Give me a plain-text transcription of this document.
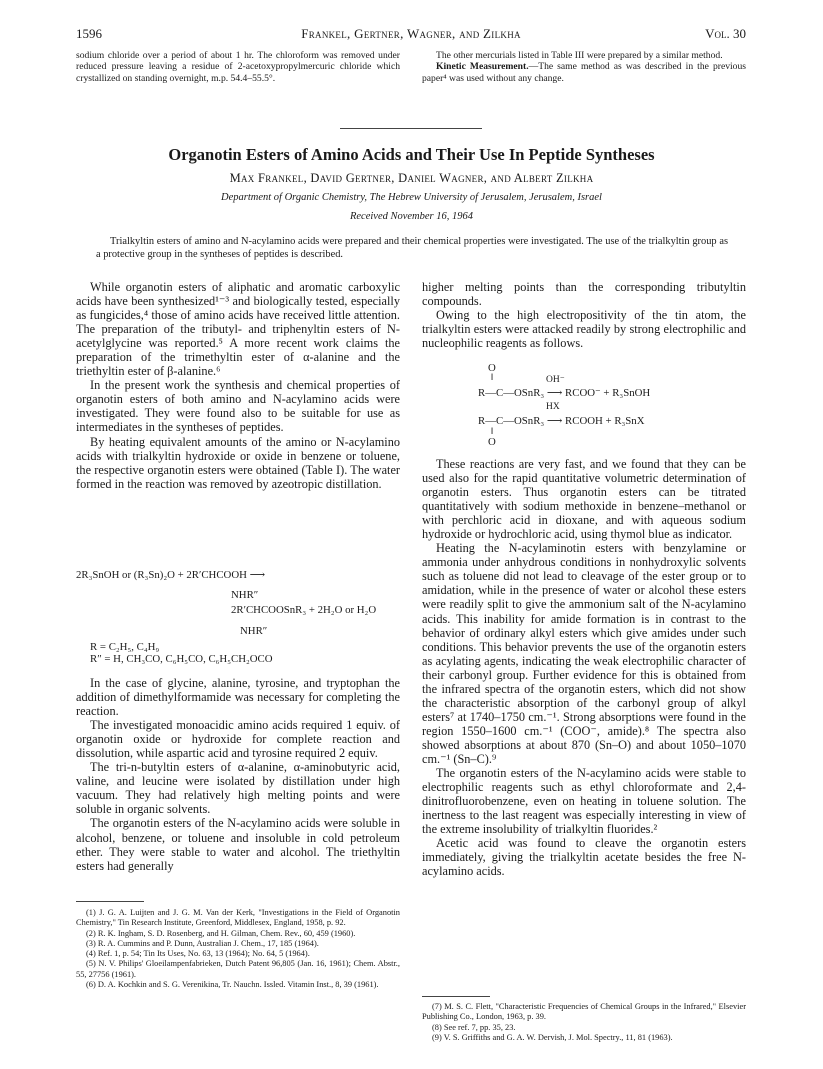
1596	Frankel, Gertner, Wagner, and Zilkha	Vol. 30

sodium chloride over a period of about 1 hr. The chloroform was removed under reduced pressure leaving a residue of 2-acetoxypropylmercuric chloride which crystallized on standing overnight, m.p. 54.4–55.5°.

The other mercurials listed in Table III were prepared by a similar method.

Kinetic Measurement.—The same method as was described in the previous paper⁴ was used without any change.

Organotin Esters of Amino Acids and Their Use In Peptide Syntheses
Max Frankel, David Gertner, Daniel Wagner, and Albert Zilkha
Department of Organic Chemistry, The Hebrew University of Jerusalem, Jerusalem, Israel
Received November 16, 1964
Trialkyltin esters of amino and N-acylamino acids were prepared and their chemical properties were investigated. The use of the trialkyltin group as a protective group in the syntheses of peptides is described.

While organotin esters of aliphatic and aromatic carboxylic acids have been synthesized¹⁻³ and biologically tested, especially as fungicides,⁴ those of amino acids have received little attention. The preparation of the tributyl- and triphenyltin esters of N-acetylglycine was reported.⁵ A more recent work claims the preparation of the trimethyltin ester of α-alanine and the triethyltin ester of β-alanine.⁶

In the present work the synthesis and chemical properties of organotin esters of both amino and N-acylamino acids were investigated. They were found also to be suitable for use as intermediates in the syntheses of peptides.

By heating equivalent amounts of the amino or N-acylamino acids with trialkyltin hydroxide or oxide in benzene or toluene, the respective organotin esters were obtained (Table I). The water formed in the reaction was removed by azeotropic distillation.

2R₃SnOH or (R₃Sn)₂O + 2R′CHCOOH ⟶
NHR″
2R′CHCOOSnR₃ + 2H₂O or H₂O
NHR″
R = C₂H₅, C₄H₉
R″ = H, CH₃CO, C₆H₅CO, C₆H₅CH₂OCO

In the case of glycine, alanine, tyrosine, and tryptophan the addition of dimethylformamide was necessary for completing the reaction.

The investigated monoacidic amino acids required 1 equiv. of organotin oxide or hydroxide for complete reaction and dissolution, while aspartic acid and tyrosine required 2 equiv.

The tri-n-butyltin esters of α-alanine, α-aminobutyric acid, valine, and leucine were isolated by distillation under high vacuum. They had relatively high melting points and were soluble in organic solvents.

The organotin esters of the N-acylamino acids were soluble in alcohol, benzene, or toluene and insoluble in cold petroleum ether. They were stable to water and alcohol. The triethyltin esters had generally

(1) J. G. A. Luijten and J. G. M. Van der Kerk, "Investigations in the Field of Organotin Chemistry," Tin Research Institute, Greenford, Middlesex, England, 1958, p. 92.

(2) R. K. Ingham, S. D. Rosenberg, and H. Gilman, Chem. Rev., 60, 459 (1960).

(3) R. A. Cummins and P. Dunn, Australian J. Chem., 17, 185 (1964).

(4) Ref. 1, p. 54; Tin Its Uses, No. 63, 13 (1964); No. 64, 5 (1964).

(5) N. V. Philips' Gloeilampenfabrieken, Dutch Patent 96,805 (Jan. 16, 1961); Chem. Abstr., 55, 27756 (1961).

(6) D. A. Kochkin and S. G. Verenikina, Tr. Nauchn. Issled. Vitamin Inst., 8, 39 (1961).

higher melting points than the corresponding tributyltin compounds.

Owing to the high electropositivity of the tin atom, the trialkyltin esters were attacked readily by strong electrophilic and nucleophilic reagents as follows.

O
‖	OH⁻
R—C—OSnR₃ ⟶ RCOO⁻ + R₃SnOH
HX
R—C—OSnR₃ ⟶ RCOOH + R₃SnX
‖
O

These reactions are very fast, and we found that they can be used also for the rapid quantitative volumetric determination of organotin esters. Thus organotin esters can be titrated quantitatively with sodium methoxide in benzene–methanol or with perchloric acid in dioxane, and with aqueous sodium hydroxide or hydrochloric acid, using thymol blue as indicator.

Heating the N-acylaminotin esters with benzylamine or ammonia under anhydrous conditions in nonhydroxylic solvents such as toluene did not lead to cleavage of the ester group or to amidation, while in the presence of water or alcohol these esters were readily split to give the ammonium salt of the N-acylamino acids. This inability for amide formation is in contrast to the behavior of ordinary alkyl esters which give amides under such conditions. This behavior prevents the use of the organotin esters as acylating agents, indicating the weak electrophilic character of their carbonyl group. Further evidence for this is obtained from the infrared spectra of the organotin esters, which did not show the characteristic absorption of the carbonyl group of alkyl esters⁷ at 1740–1750 cm.⁻¹. Strong absorptions were found in the region 1550–1600 cm.⁻¹ (COO⁻, amide).⁸ The spectra also showed absorptions at about 870 (Sn–O) and about 1050–1070 cm.⁻¹ (Sn–C).⁹

The organotin esters of the N-acylamino acids were stable to electrophilic reagents such as ethyl chloroformate and 2,4-dinitrofluorobenzene, even on heating in toluene solution. The inertness to the last reagent was especially interesting in view of the extreme insolubility of trialkyltin fluorides.²

Acetic acid was found to cleave the organotin esters immediately, giving the trialkyltin acetate besides the free N-acylamino acids.

(7) M. S. C. Flett, "Characteristic Frequencies of Chemical Groups in the Infrared," Elsevier Publishing Co., London, 1963, p. 39.

(8) See ref. 7, pp. 35, 23.

(9) V. S. Griffiths and G. A. W. Dervish, J. Mol. Spectry., 11, 81 (1963).
